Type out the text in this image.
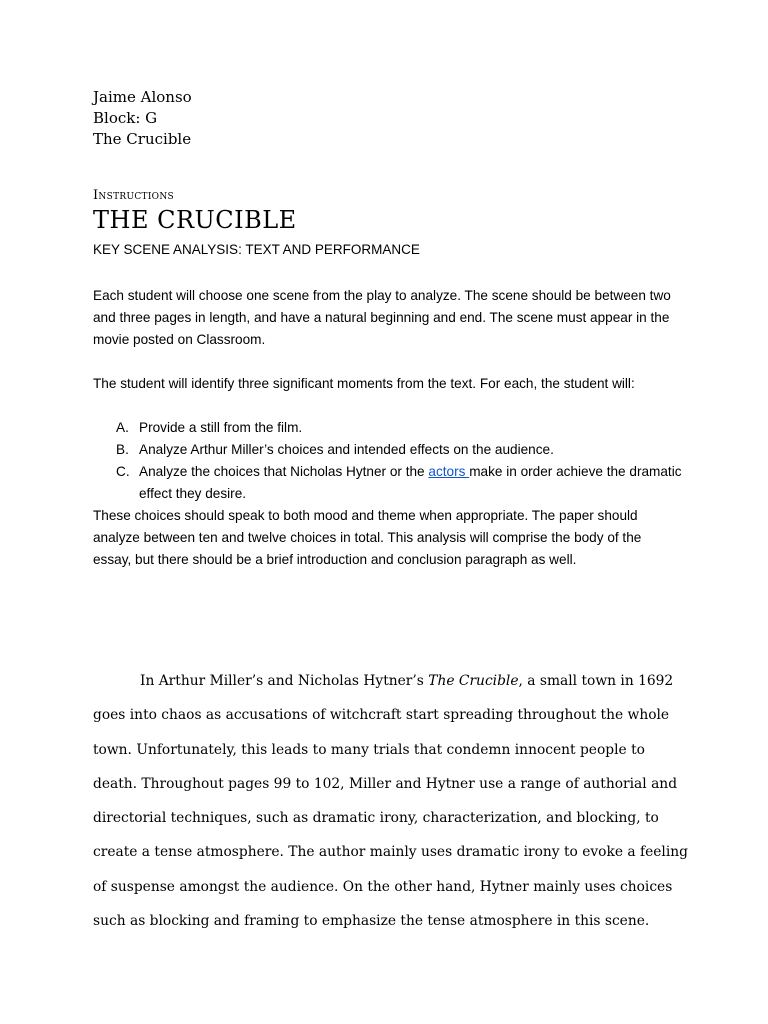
Jaime Alonso
Block: G
The Crucible
Instructions
THE CRUCIBLE
KEY SCENE ANALYSIS: TEXT AND PERFORMANCE

Each student will choose one scene from the play to analyze. The scene should be between two and three pages in length, and have a natural beginning and end. The scene must appear in the movie posted on Classroom.

The student will identify three significant moments from the text. For each, the student will:

A. Provide a still from the film.
B. Analyze Arthur Miller’s choices and intended effects on the audience.
C. Analyze the choices that Nicholas Hytner or the actors make in order achieve the dramatic effect they desire.

These choices should speak to both mood and theme when appropriate. The paper should analyze between ten and twelve choices in total. This analysis will comprise the body of the essay, but there should be a brief introduction and conclusion paragraph as well.

In Arthur Miller’s and Nicholas Hytner’s The Crucible, a small town in 1692 goes into chaos as accusations of witchcraft start spreading throughout the whole town. Unfortunately, this leads to many trials that condemn innocent people to death. Throughout pages 99 to 102, Miller and Hytner use a range of authorial and directorial techniques, such as dramatic irony, characterization, and blocking, to create a tense atmosphere. The author mainly uses dramatic irony to evoke a feeling of suspense amongst the audience. On the other hand, Hytner mainly uses choices such as blocking and framing to emphasize the tense atmosphere in this scene.
